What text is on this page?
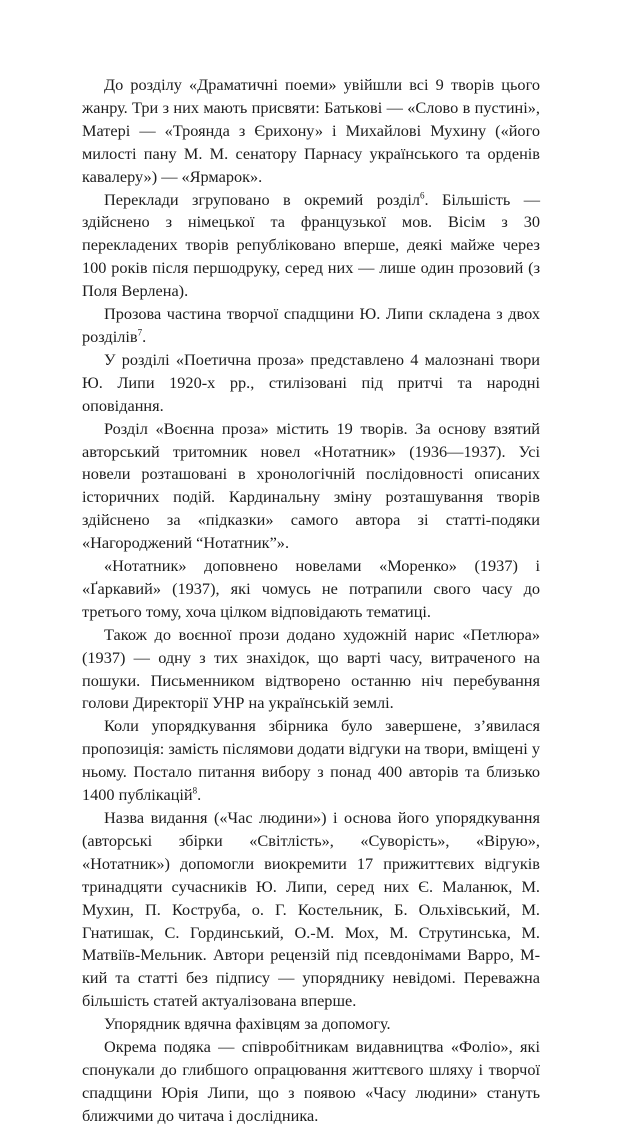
До розділу «Драматичні поеми» увійшли всі 9 творів цього жанру. Три з них мають присвяти: Батькові — «Слово в пустині», Матері — «Троянда з Єрихону» і Михайлові Мухину («його милості пану М. М. сенатору Парнасу українського та орденів кавалеру») — «Ярмарок».

Переклади згруповано в окремий розділ$^6$. Більшість — здійснено з німецької та французької мов. Вісім з 30 перекладених творів републіковано вперше, деякі майже через 100 років після першодруку, серед них — лише один прозовий (з Поля Верлена).

Прозова частина творчої спадщини Ю. Липи складена з двох розділів$^7$.

У розділі «Поетична проза» представлено 4 малознані твори Ю. Липи 1920-х рр., стилізовані під притчі та народні оповідання.

Розділ «Воєнна проза» містить 19 творів. За основу взятий авторський тритомник новел «Нотатник» (1936—1937). Усі новели розташовані в хронологічній послідовності описаних історичних подій. Кардинальну зміну розташування творів здійснено за «підказки» самого автора зі статті-подяки «Нагороджений “Нотатник”».

«Нотатник» доповнено новелами «Моренко» (1937) і «Ґаркавий» (1937), які чомусь не потрапили свого часу до третього тому, хоча цілком відповідають тематиці.

Також до воєнної прози додано художній нарис «Петлюра» (1937) — одну з тих знахідок, що варті часу, витраченого на пошуки. Письменником відтворено останню ніч перебування голови Директорії УНР на українській землі.

Коли упорядкування збірника було завершене, з’явилася пропозиція: замість післямови додати відгуки на твори, вміщені у ньому. Постало питання вибору з понад 400 авторів та близько 1400 публікацій$^8$.

Назва видання («Час людини») і основа його упорядкування (авторські збірки «Світлість», «Суворість», «Вірую», «Нотатник») допомогли виокремити 17 прижиттєвих відгуків тринадцяти сучасників Ю. Липи, серед них Є. Маланюк, М. Мухин, П. Коструба, о. Г. Костельник, Б. Ольхівський, М. Гнатишак, С. Гординський, О.-М. Мох, М. Струтинська, М. Матвіїв-Мельник. Автори рецензій під псевдонімами Варро, М-кий та статті без підпису — упоряднику невідомі. Переважна більшість статей актуалізована вперше.

Упорядник вдячна фахівцям за допомогу.

Окрема подяка — співробітникам видавництва «Фоліо», які спонукали до глибшого опрацювання життєвого шляху і творчої спадщини Юрія Липи, що з появою «Часу людини» стануть ближчими до читача і дослідника.
